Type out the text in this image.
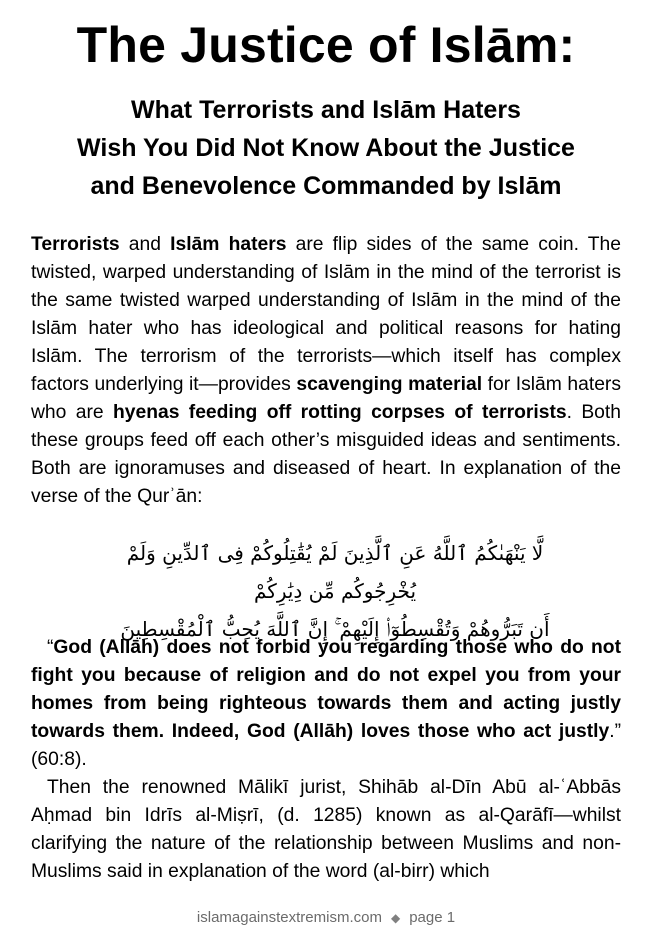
The Justice of Islām:
What Terrorists and Islām Haters
Wish You Did Not Know About the Justice
and Benevolence Commanded by Islām

Terrorists and Islām haters are flip sides of the same coin. The twisted, warped understanding of Islām in the mind of the terrorist is the same twisted warped understanding of Islām in the mind of the Islām hater who has ideological and political reasons for hating Islām. The terrorism of the terrorists—which itself has complex factors underlying it—provides scavenging material for Islām haters who are hyenas feeding off rotting corpses of terrorists. Both these groups feed off each other’s misguided ideas and sentiments. Both are ignoramuses and diseased of heart. In explanation of the verse of the Qurʾān:

لَّا يَنْهَىٰكُمُ ٱللَّهُ عَنِ ٱلَّذِينَ لَمْ يُقَٰتِلُوكُمْ فِى ٱلدِّينِ وَلَمْ يُخْرِجُوكُم مِّن دِيَٰرِكُمْ
أَن تَبَرُّوهُمْ وَتُقْسِطُوٓا۟ إِلَيْهِمْ ۚ إِنَّ ٱللَّهَ يُحِبُّ ٱلْمُقْسِطِينَ

“God (Allāh) does not forbid you regarding those who do not fight you because of religion and do not expel you from your homes from being righteous towards them and acting justly towards them. Indeed, God (Allāh) loves those who act justly.” (60:8).

Then the renowned Mālikī jurist, Shihāb al-Dīn Abū al-ʿAbbās Aḥmad bin Idrīs al-Miṣrī, (d. 1285) known as al-Qarāfī—whilst clarifying the nature of the relationship between Muslims and non-Muslims said in explanation of the word (al-birr) which

islamagainstextremism.com ◆ page 1
